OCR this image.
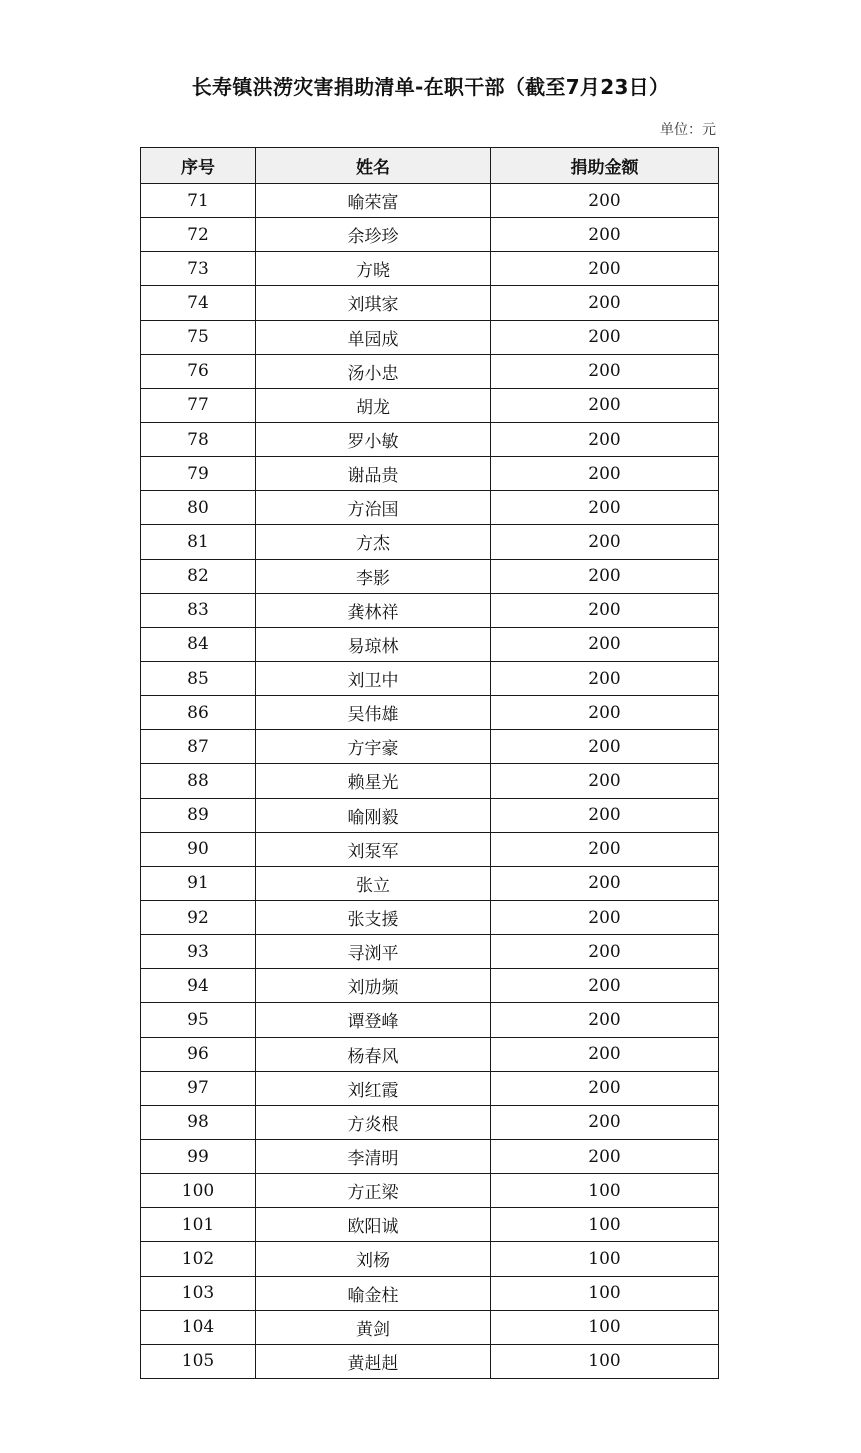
长寿镇洪涝灾害捐助清单-在职干部（截至7月23日）
单位：元
序号	姓名	捐助金额
71	喻荣富	200
72	余珍珍	200
73	方晓	200
74	刘琪家	200
75	单园成	200
76	汤小忠	200
77	胡龙	200
78	罗小敏	200
79	谢品贵	200
80	方治国	200
81	方杰	200
82	李影	200
83	龚林祥	200
84	易琼林	200
85	刘卫中	200
86	吴伟雄	200
87	方宇豪	200
88	赖星光	200
89	喻刚毅	200
90	刘泵军	200
91	张立	200
92	张支援	200
93	寻浏平	200
94	刘劢频	200
95	谭登峰	200
96	杨春风	200
97	刘红霞	200
98	方炎根	200
99	李清明	200
100	方正梁	100
101	欧阳诚	100
102	刘杨	100
103	喻金柱	100
104	黄剑	100
105	黄赳赳	100
